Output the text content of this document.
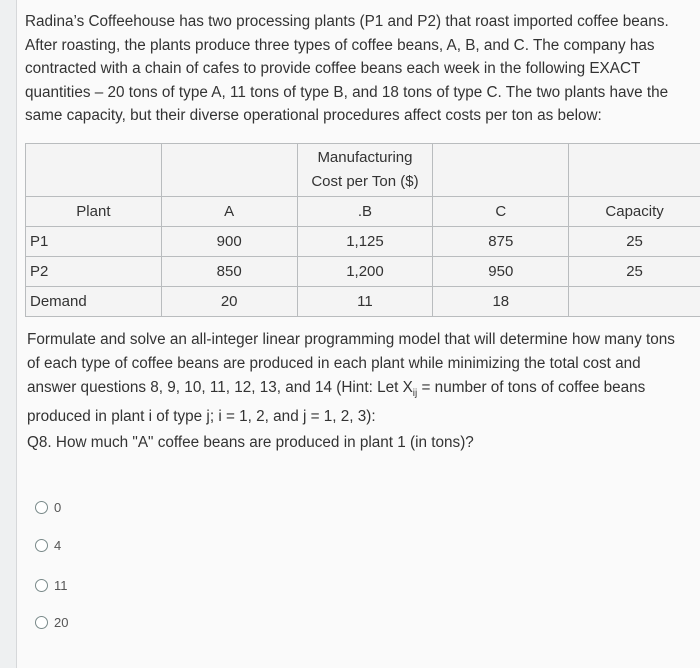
Radina’s Coffeehouse has two processing plants (P1 and P2) that roast imported coffee beans.
After roasting, the plants produce three types of coffee beans, A, B, and C. The company has
contracted with a chain of cafes to provide coffee beans each week in the following EXACT
quantities – 20 tons of type A, 11 tons of type B, and 18 tons of type C. The two plants have the
same capacity, but their diverse operational procedures affect costs per ton as below:

		Manufacturing
Cost per Ton ($)		

Plant	A	.B	C	Capacity
P1	900	1,125	875	25
P2	850	1,200	950	25
Demand	20	11	18	
Formulate and solve an all-integer linear programming model that will determine how many tons
of each type of coffee beans are produced in each plant while minimizing the total cost and
answer questions 8, 9, 10, 11, 12, 13, and 14 (Hint: Let $X_{ij}$ = number of tons of coffee beans
produced in plant i of type j; i = 1, 2, and j = 1, 2, 3):
Q8. How much "A" coffee beans are produced in plant 1 (in tons)?
0
4
11
20
